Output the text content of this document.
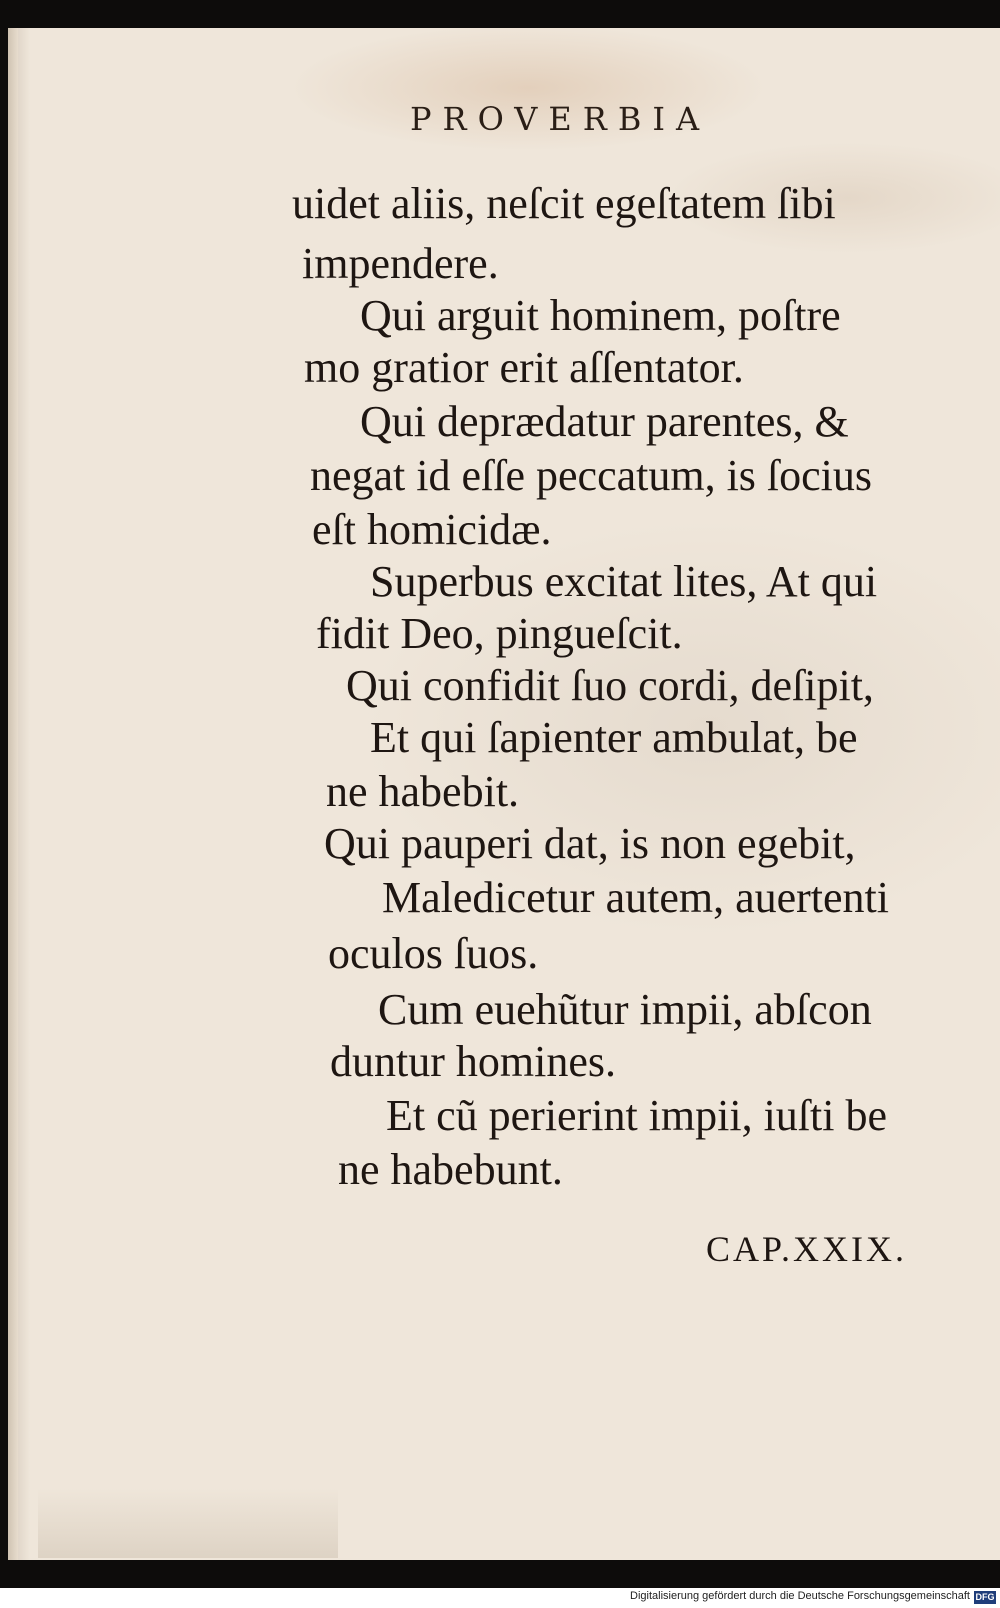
PROVERBIA
uidet aliis, neſcit egeſtatem ſibi
impendere.
Qui arguit hominem, poſtre
mo gratior erit aſſentator.
Qui deprædatur parentes, &
negat id eſſe peccatum, is ſocius
eſt homicidæ.
Superbus excitat lites, At qui
fidit Deo, pingueſcit.
Qui confidit ſuo cordi, deſipit,
Et qui ſapienter ambulat, be
ne habebit.
Qui pauperi dat, is non egebit,
Maledicetur autem, auertenti
oculos ſuos.
Cum euehũtur impii, abſcon
duntur homines.
Et cũ perierint impii, iuſti be
ne habebunt.
CAP.XXIX.
Digitalisierung gefördert durch die Deutsche Forschungsgemeinschaft DFG
